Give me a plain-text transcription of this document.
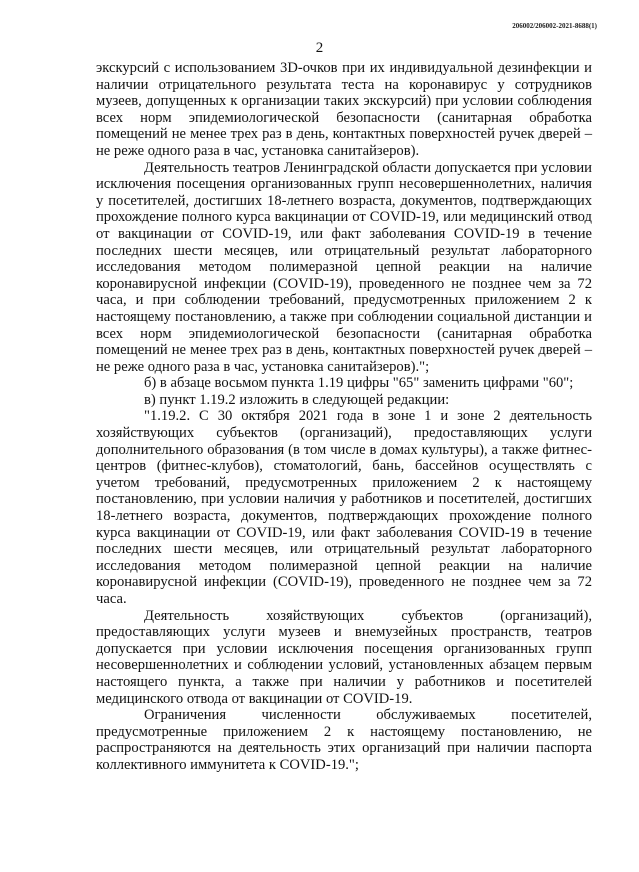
206002/206002-2021-8688(1)
2

экскурсий с использованием 3D-очков при их индивидуальной дезинфекции и наличии отрицательного результата теста на коронавирус у сотрудников музеев, допущенных к организации таких экскурсий) при условии соблюдения всех норм эпидемиологической безопасности (санитарная обработка помещений не менее трех раз в день, контактных поверхностей ручек дверей – не реже одного раза в час, установка санитайзеров).

Деятельность театров Ленинградской области допускается при условии исключения посещения организованных групп несовершеннолетних, наличия у посетителей, достигших 18-летнего возраста, документов, подтверждающих прохождение полного курса вакцинации от COVID-19, или медицинский отвод от вакцинации от COVID-19, или факт заболевания COVID-19 в течение последних шести месяцев, или отрицательный результат лабораторного исследования методом полимеразной цепной реакции на наличие коронавирусной инфекции (COVID-19), проведенного не позднее чем за 72 часа, и при соблюдении требований, предусмотренных приложением 2 к настоящему постановлению, а также при соблюдении социальной дистанции и всех норм эпидемиологической безопасности (санитарная обработка помещений не менее трех раз в день, контактных поверхностей ручек дверей – не реже одного раза в час, установка санитайзеров).";

б) в абзаце восьмом пункта 1.19 цифры "65" заменить цифрами "60";

в) пункт 1.19.2 изложить в следующей редакции:

"1.19.2. С 30 октября 2021 года в зоне 1 и зоне 2 деятельность хозяйствующих субъектов (организаций), предоставляющих услуги дополнительного образования (в том числе в домах культуры), а также фитнес-центров (фитнес-клубов), стоматологий, бань, бассейнов осуществлять с учетом требований, предусмотренных приложением 2 к настоящему постановлению, при условии наличия у работников и посетителей, достигших 18-летнего возраста, документов, подтверждающих прохождение полного курса вакцинации от COVID-19, или факт заболевания COVID-19 в течение последних шести месяцев, или отрицательный результат лабораторного исследования методом полимеразной цепной реакции на наличие коронавирусной инфекции (COVID-19), проведенного не позднее чем за 72 часа.

Деятельность хозяйствующих субъектов (организаций), предоставляющих услуги музеев и внемузейных пространств, театров допускается при условии исключения посещения организованных групп несовершеннолетних и соблюдении условий, установленных абзацем первым настоящего пункта, а также при наличии у работников и посетителей медицинского отвода от вакцинации от COVID-19.

Ограничения численности обслуживаемых посетителей, предусмотренные приложением 2 к настоящему постановлению, не распространяются на деятельность этих организаций при наличии паспорта коллективного иммунитета к COVID-19.";
